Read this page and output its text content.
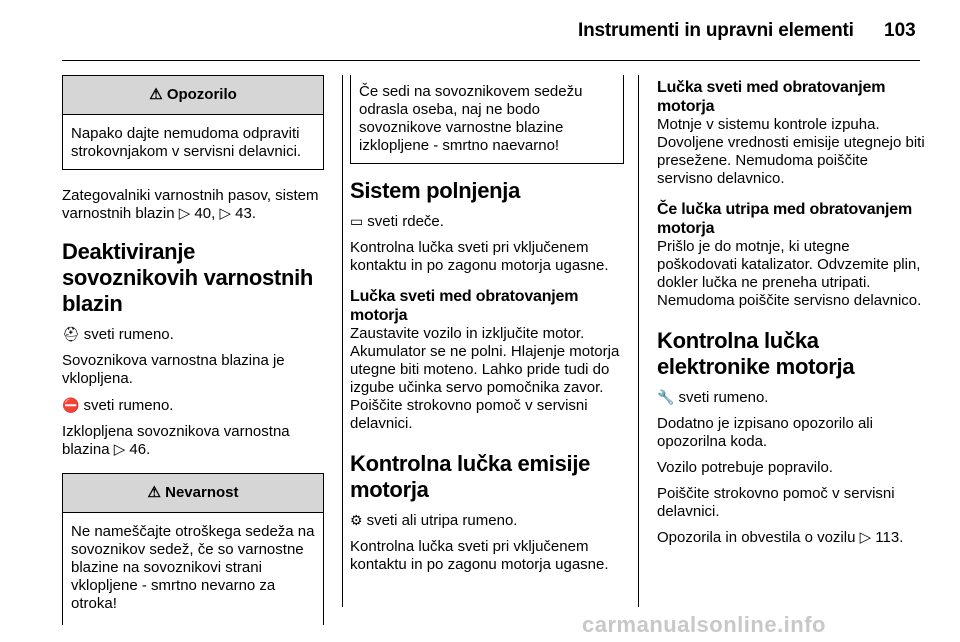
Instrumenti in upravni elementi 103
⚠ Opozorilo

Napako dajte nemudoma odpraviti strokovnjakom v servisni delavnici.

Zategovalniki varnostnih pasov, sistem varnostnih blazin ▷ 40, ▷ 43.

Deaktiviranje sovoznikovih varnostnih blazin

⛑ sveti rumeno.

Sovoznikova varnostna blazina je vklopljena.

⛔ sveti rumeno.

Izklopljena sovoznikova varnostna blazina ▷ 46.

⚠ Nevarnost

Ne nameščajte otroškega sedeža na sovoznikov sedež, če so varnostne blazine na sovoznikovi strani vklopljene - smrtno nevarno za otroka!

Če sedi na sovoznikovem sedežu odrasla oseba, naj ne bodo sovoznikove varnostne blazine izklopljene - smrtno naevarno!

Sistem polnjenja

▭ sveti rdeče.

Kontrolna lučka sveti pri vključenem kontaktu in po zagonu motorja ugasne.

Lučka sveti med obratovanjem motorja

Zaustavite vozilo in izključite motor. Akumulator se ne polni. Hlajenje motorja utegne biti moteno. Lahko pride tudi do izgube učinka servo pomočnika zavor. Poiščite strokovno pomoč v servisni delavnici.

Kontrolna lučka emisije motorja

⚙ sveti ali utripa rumeno.

Kontrolna lučka sveti pri vključenem kontaktu in po zagonu motorja ugasne.

Lučka sveti med obratovanjem motorja

Motnje v sistemu kontrole izpuha. Dovoljene vrednosti emisije utegnejo biti presežene. Nemudoma poiščite servisno delavnico.

Če lučka utripa med obratovanjem motorja

Prišlo je do motnje, ki utegne poškodovati katalizator. Odvzemite plin, dokler lučka ne preneha utripati. Nemudoma poiščite servisno delavnico.

Kontrolna lučka elektronike motorja

🔧 sveti rumeno.

Dodatno je izpisano opozorilo ali opozorilna koda.

Vozilo potrebuje popravilo.

Poiščite strokovno pomoč v servisni delavnici.

Opozorila in obvestila o vozilu ▷ 113.

carmanualsonline.info
